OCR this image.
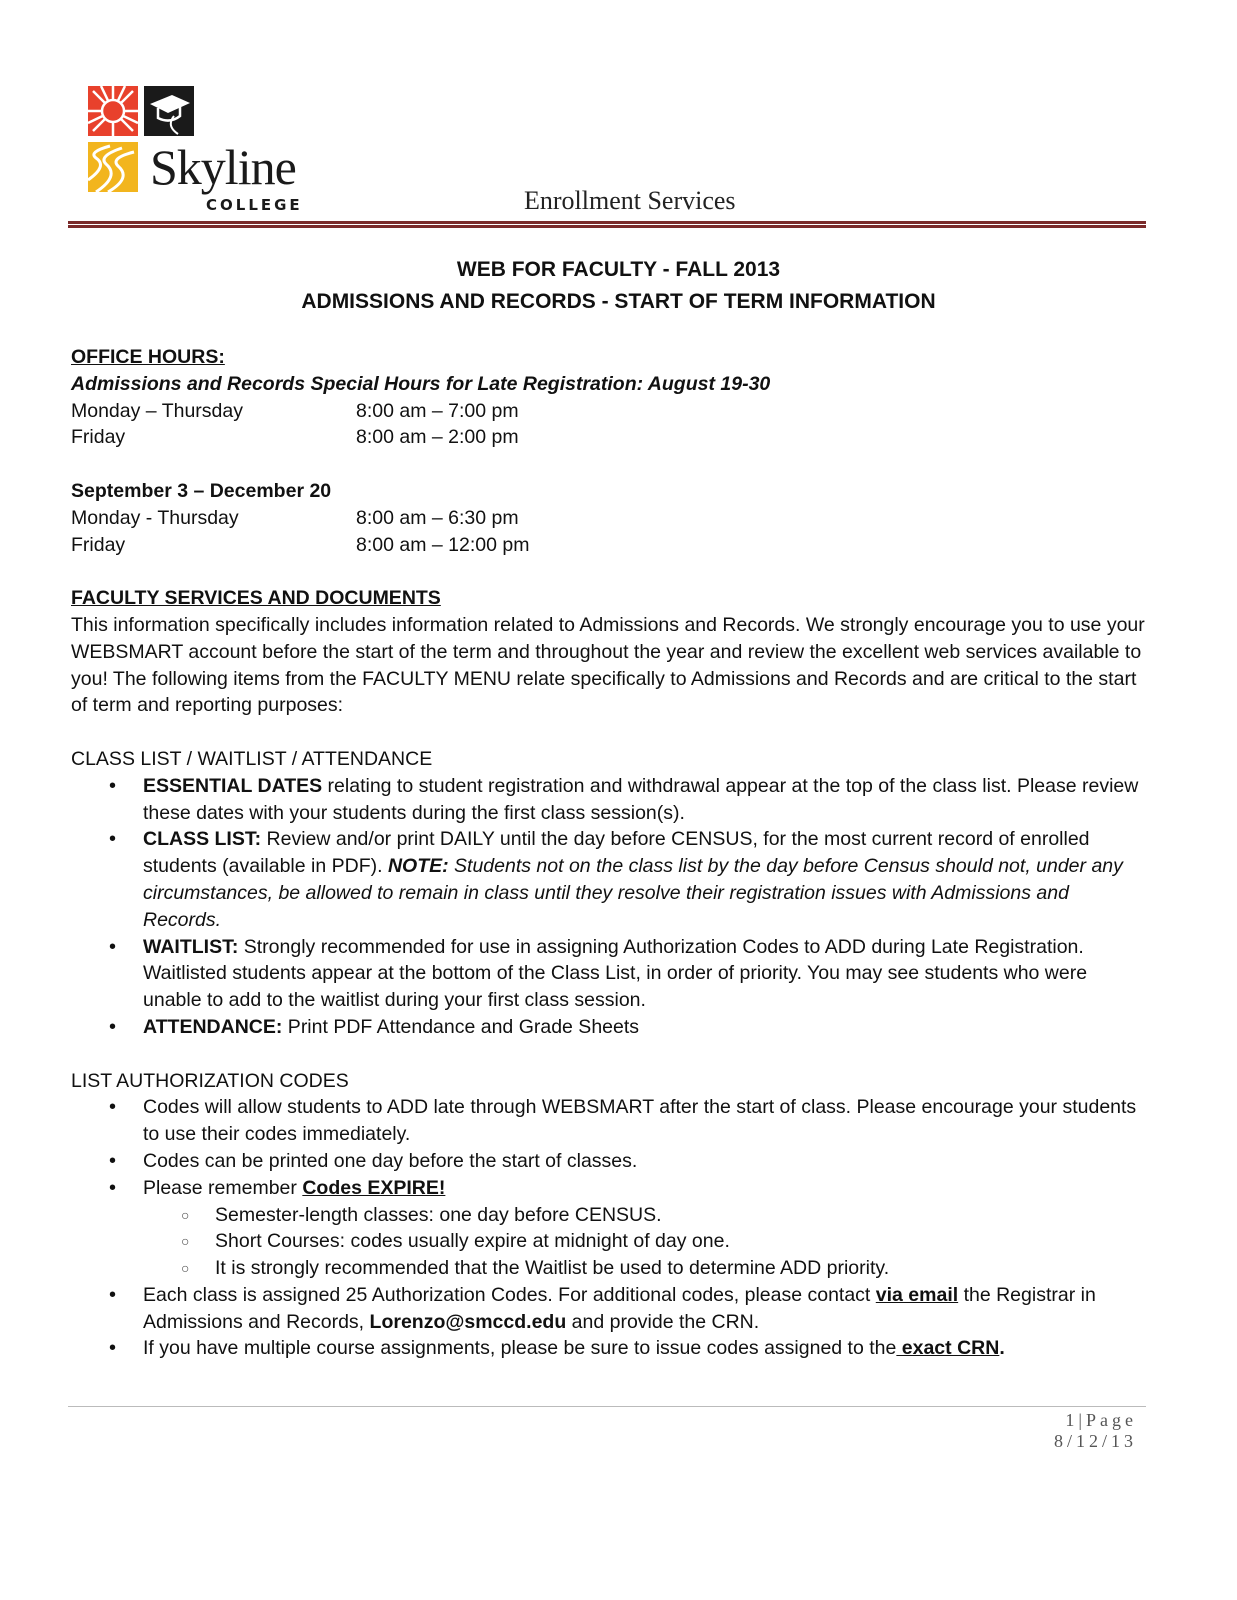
Skyline
COLLEGE	Enrollment Services
WEB FOR FACULTY - FALL 2013
ADMISSIONS AND RECORDS - START OF TERM INFORMATION
OFFICE HOURS:
Admissions and Records Special Hours for Late Registration: August 19-30
Monday – Thursday	8:00 am – 7:00 pm
Friday	8:00 am – 2:00 pm
September 3 – December 20
Monday - Thursday	8:00 am – 6:30 pm
Friday	8:00 am – 12:00 pm
FACULTY SERVICES AND DOCUMENTS
This information specifically includes information related to Admissions and Records. We strongly encourage you to use your WEBSMART account before the start of the term and throughout the year and review the excellent web services available to you! The following items from the FACULTY MENU relate specifically to Admissions and Records and are critical to the start of term and reporting purposes:
CLASS LIST / WAITLIST / ATTENDANCE
• ESSENTIAL DATES relating to student registration and withdrawal appear at the top of the class list. Please review these dates with your students during the first class session(s).
• CLASS LIST: Review and/or print DAILY until the day before CENSUS, for the most current record of enrolled students (available in PDF). NOTE: Students not on the class list by the day before Census should not, under any circumstances, be allowed to remain in class until they resolve their registration issues with Admissions and Records.
• WAITLIST: Strongly recommended for use in assigning Authorization Codes to ADD during Late Registration. Waitlisted students appear at the bottom of the Class List, in order of priority. You may see students who were unable to add to the waitlist during your first class session.
• ATTENDANCE: Print PDF Attendance and Grade Sheets
LIST AUTHORIZATION CODES
• Codes will allow students to ADD late through WEBSMART after the start of class. Please encourage your students to use their codes immediately.
• Codes can be printed one day before the start of classes.
• Please remember Codes EXPIRE!
○ Semester-length classes: one day before CENSUS.
○ Short Courses: codes usually expire at midnight of day one.
○ It is strongly recommended that the Waitlist be used to determine ADD priority.
• Each class is assigned 25 Authorization Codes. For additional codes, please contact via email the Registrar in Admissions and Records, Lorenzo@smccd.edu and provide the CRN.
• If you have multiple course assignments, please be sure to issue codes assigned to the exact CRN.
1|Page
8/12/13
